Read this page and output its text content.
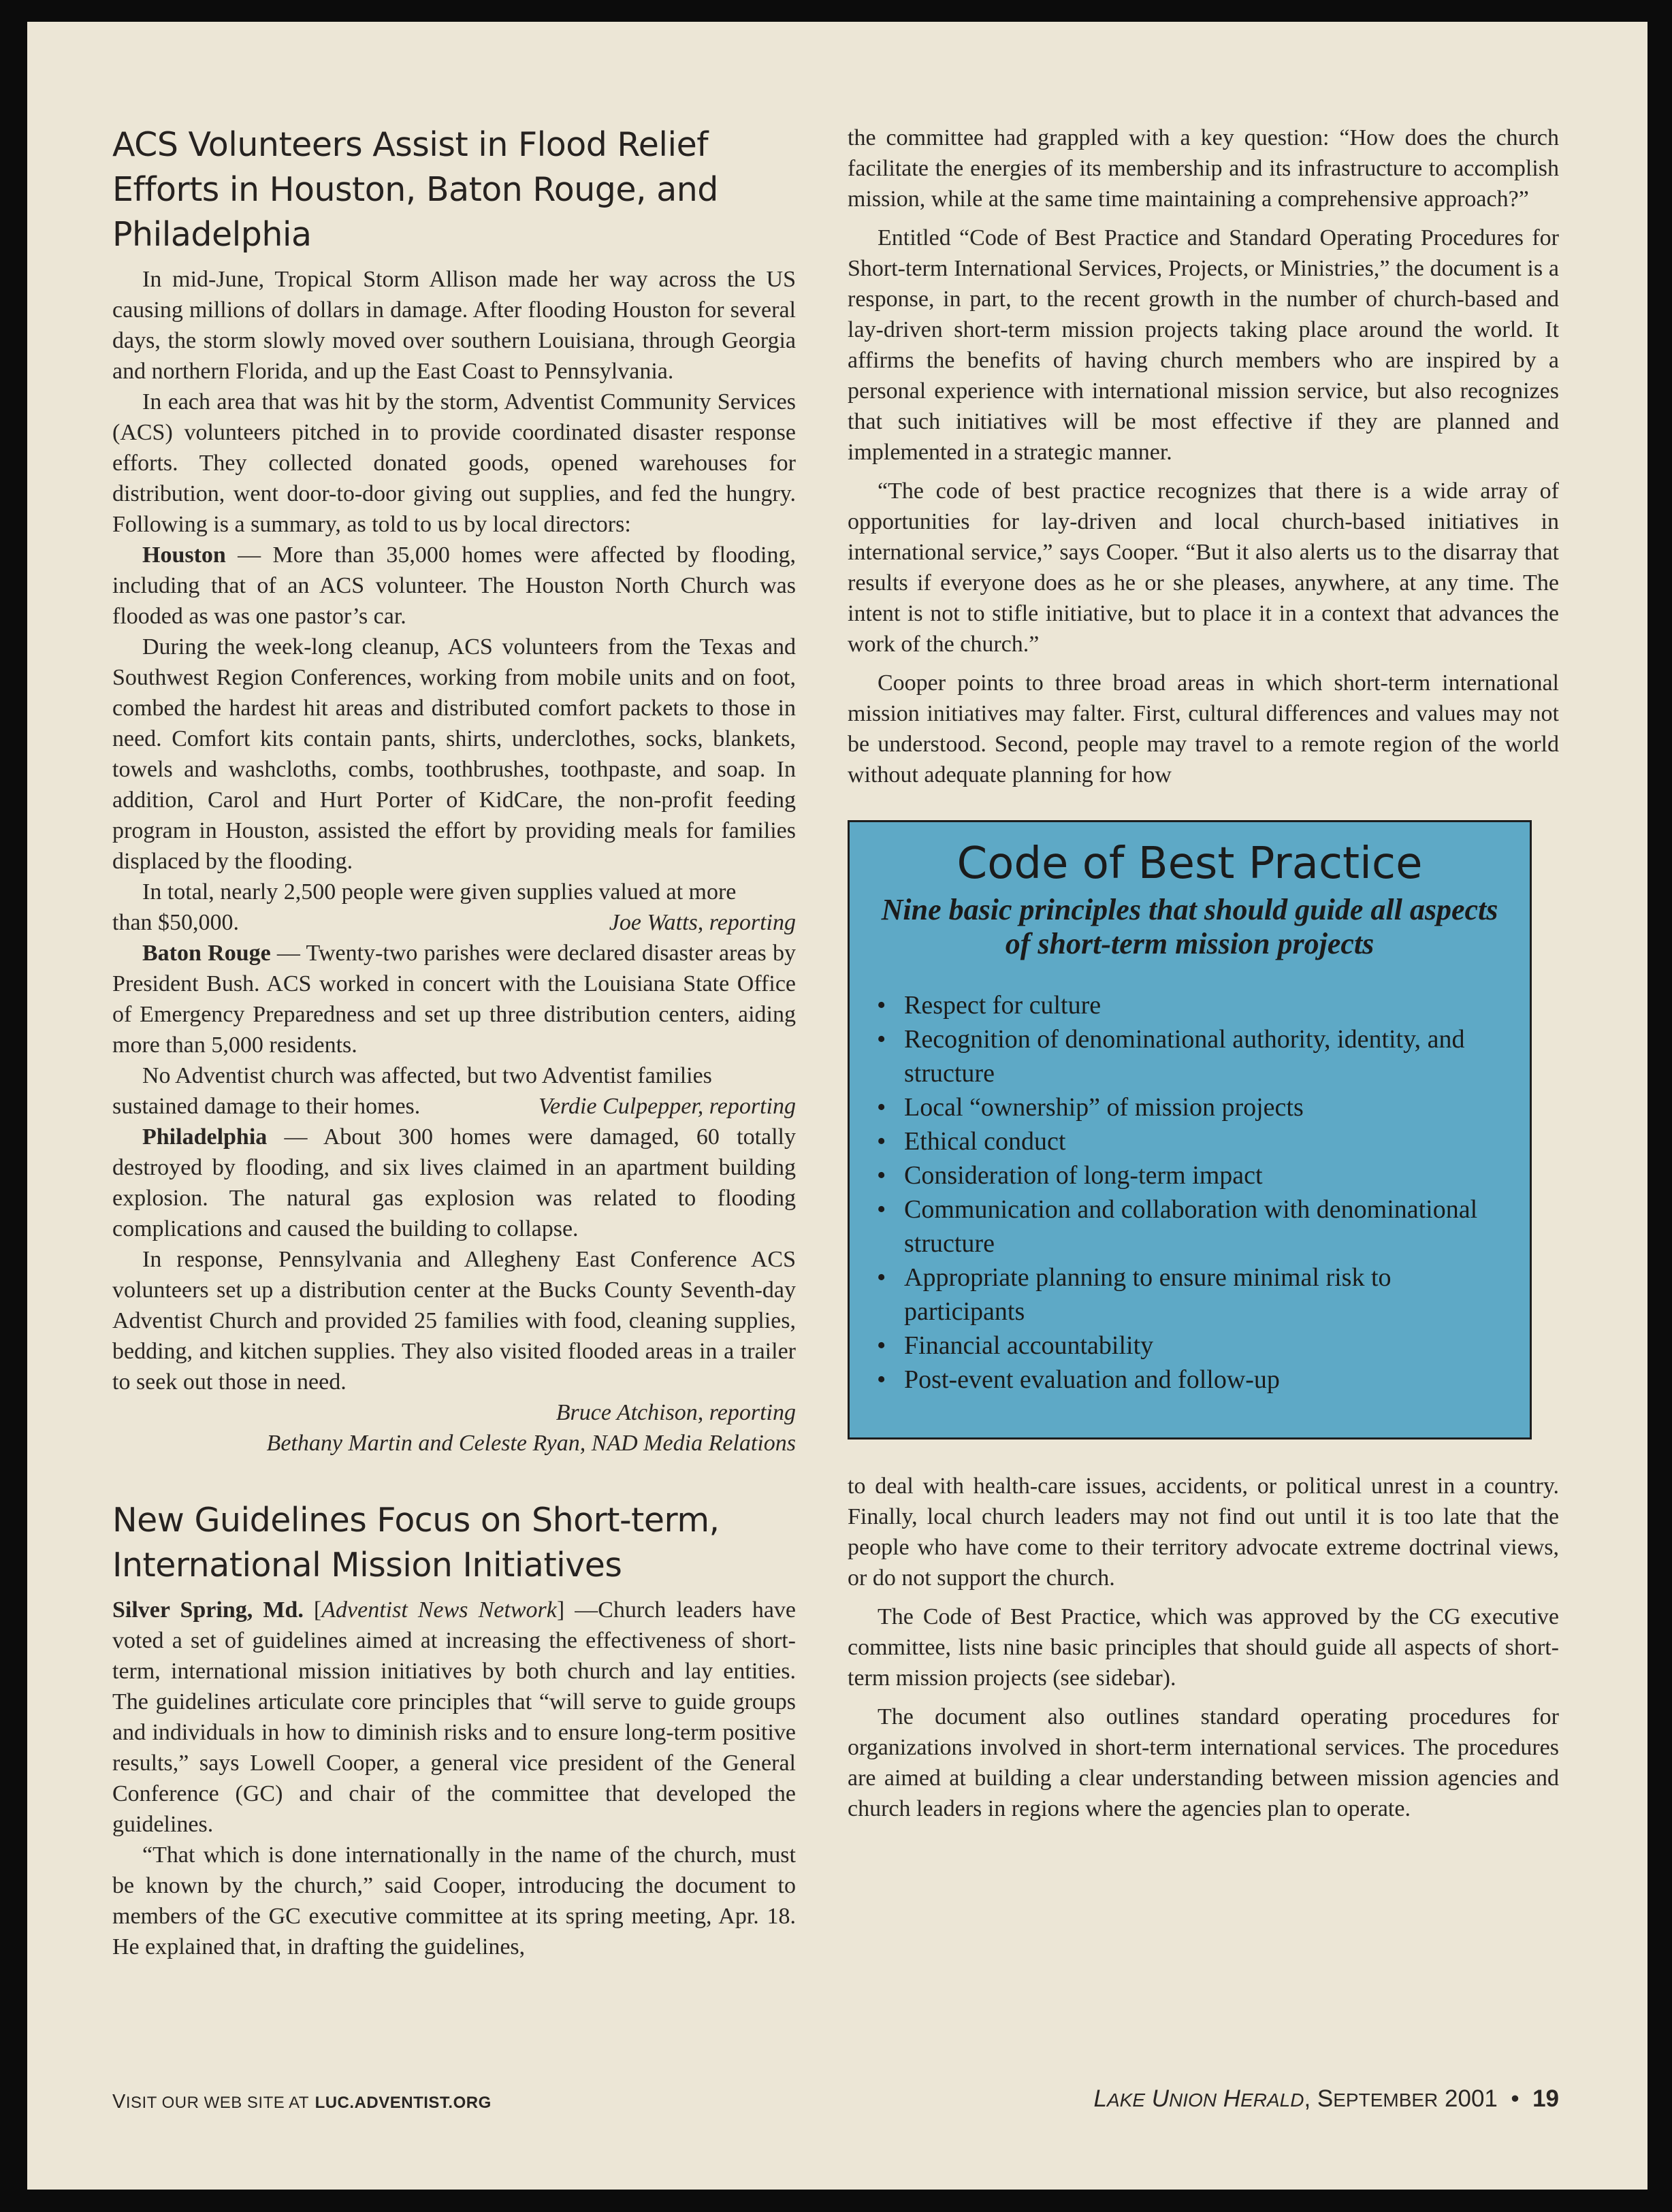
ACS Volunteers Assist in Flood Relief Efforts in Houston, Baton Rouge, and Philadelphia

In mid-June, Tropical Storm Allison made her way across the US causing millions of dollars in damage. After flooding Houston for several days, the storm slowly moved over southern Louisiana, through Georgia and northern Florida, and up the East Coast to Pennsylvania.

In each area that was hit by the storm, Adventist Community Services (ACS) volunteers pitched in to provide coordinated disaster response efforts. They collected donated goods, opened warehouses for distribution, went door-to-door giving out supplies, and fed the hungry. Following is a summary, as told to us by local directors:

Houston — More than 35,000 homes were affected by flooding, including that of an ACS volunteer. The Houston North Church was flooded as was one pastor’s car.

During the week-long cleanup, ACS volunteers from the Texas and Southwest Region Conferences, working from mobile units and on foot, combed the hardest hit areas and distributed comfort packets to those in need. Comfort kits contain pants, shirts, underclothes, socks, blankets, towels and washcloths, combs, toothbrushes, toothpaste, and soap. In addition, Carol and Hurt Porter of KidCare, the non-profit feeding program in Houston, assisted the effort by providing meals for families displaced by the flooding.

In total, nearly 2,500 people were given supplies valued at more

than $50,000.	Joe Watts, reporting

Baton Rouge — Twenty-two parishes were declared disaster areas by President Bush. ACS worked in concert with the Louisiana State Office of Emergency Preparedness and set up three distribution centers, aiding more than 5,000 residents.

No Adventist church was affected, but two Adventist families

sustained damage to their homes.	Verdie Culpepper, reporting

Philadelphia — About 300 homes were damaged, 60 totally destroyed by flooding, and six lives claimed in an apartment building explosion. The natural gas explosion was related to flooding complications and caused the building to collapse.

In response, Pennsylvania and Allegheny East Conference ACS volunteers set up a distribution center at the Bucks County Seventh-day Adventist Church and provided 25 families with food, cleaning supplies, bedding, and kitchen supplies. They also visited flooded areas in a trailer to seek out those in need.

Bruce Atchison, reporting

Bethany Martin and Celeste Ryan, NAD Media Relations

New Guidelines Focus on Short-term, International Mission Initiatives

Silver Spring, Md. [Adventist News Network] —Church leaders have voted a set of guidelines aimed at increasing the effectiveness of short-term, international mission initiatives by both church and lay entities. The guidelines articulate core principles that “will serve to guide groups and individuals in how to diminish risks and to ensure long-term positive results,” says Lowell Cooper, a general vice president of the General Conference (GC) and chair of the committee that developed the guidelines.

“That which is done internationally in the name of the church, must be known by the church,” said Cooper, introducing the document to members of the GC executive committee at its spring meeting, Apr. 18. He explained that, in drafting the guidelines,

the committee had grappled with a key question: “How does the church facilitate the energies of its membership and its infrastructure to accomplish mission, while at the same time maintaining a comprehensive approach?”

Entitled “Code of Best Practice and Standard Operating Procedures for Short-term International Services, Projects, or Ministries,” the document is a response, in part, to the recent growth in the number of church-based and lay-driven short-term mission projects taking place around the world. It affirms the benefits of having church members who are inspired by a personal experience with international mission service, but also recognizes that such initiatives will be most effective if they are planned and implemented in a strategic manner.

“The code of best practice recognizes that there is a wide array of opportunities for lay-driven and local church-based initiatives in international service,” says Cooper. “But it also alerts us to the disarray that results if everyone does as he or she pleases, anywhere, at any time. The intent is not to stifle initiative, but to place it in a context that advances the work of the church.”

Cooper points to three broad areas in which short-term international mission initiatives may falter. First, cultural differences and values may not be understood. Second, people may travel to a remote region of the world without adequate planning for how

Code of Best Practice
Nine basic principles that should guide all aspects of short-term mission projects
• Respect for culture
• Recognition of denominational authority, identity, and structure
• Local “ownership” of mission projects
• Ethical conduct
• Consideration of long-term impact
• Communication and collaboration with denominational structure
• Appropriate planning to ensure minimal risk to participants
• Financial accountability
• Post-event evaluation and follow-up

to deal with health-care issues, accidents, or political unrest in a country. Finally, local church leaders may not find out until it is too late that the people who have come to their territory advocate extreme doctrinal views, or do not support the church.

The Code of Best Practice, which was approved by the CG executive committee, lists nine basic principles that should guide all aspects of short-term mission projects (see sidebar).

The document also outlines standard operating procedures for organizations involved in short-term international services. The procedures are aimed at building a clear understanding between mission agencies and church leaders in regions where the agencies plan to operate.

VISIT OUR WEB SITE AT LUC.ADVENTIST.ORG	LAKE UNION HERALD, SEPTEMBER 2001 • 19
